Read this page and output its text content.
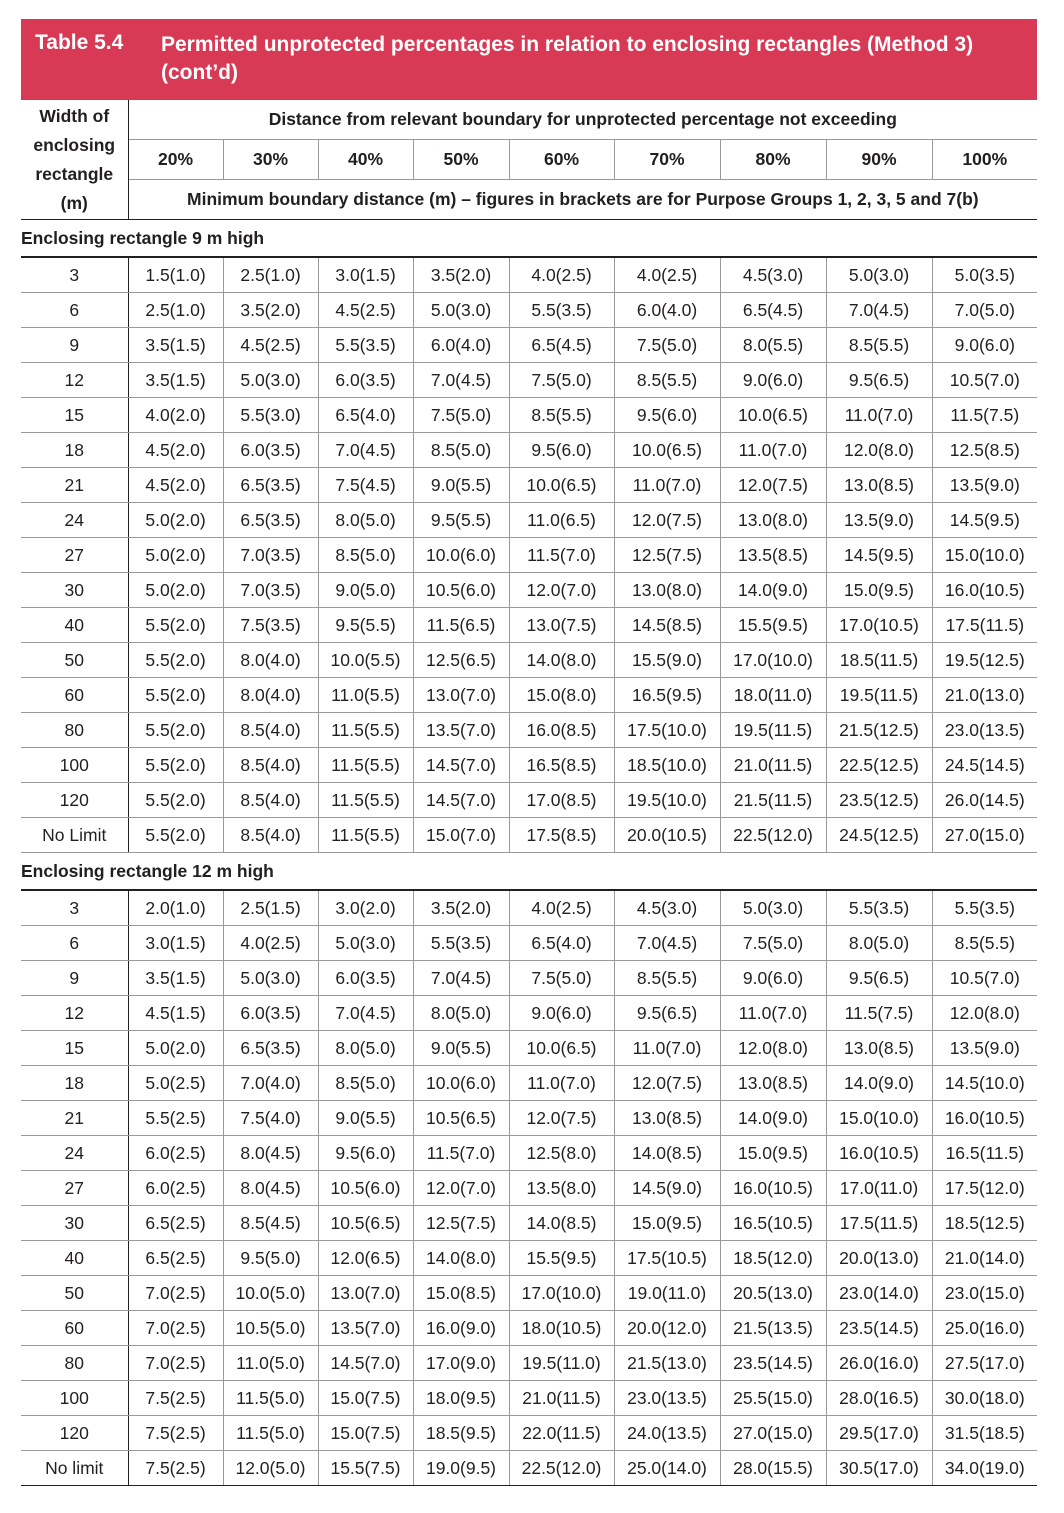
Table 5.4 Permitted unprotected percentages in relation to enclosing rectangles (Method 3) (cont’d)
Width of
enclosing
rectangle
(m)	Distance from relevant boundary for unprotected percentage not exceeding								
	20%	30%	40%	50%	60%	70%	80%	90%	100%
	Minimum boundary distance (m) – figures in brackets are for Purpose Groups 1, 2, 3, 5 and 7(b)								
Enclosing rectangle 9 m high									
3	1.5(1.0)	2.5(1.0)	3.0(1.5)	3.5(2.0)	4.0(2.5)	4.0(2.5)	4.5(3.0)	5.0(3.0)	5.0(3.5)
6	2.5(1.0)	3.5(2.0)	4.5(2.5)	5.0(3.0)	5.5(3.5)	6.0(4.0)	6.5(4.5)	7.0(4.5)	7.0(5.0)
9	3.5(1.5)	4.5(2.5)	5.5(3.5)	6.0(4.0)	6.5(4.5)	7.5(5.0)	8.0(5.5)	8.5(5.5)	9.0(6.0)
12	3.5(1.5)	5.0(3.0)	6.0(3.5)	7.0(4.5)	7.5(5.0)	8.5(5.5)	9.0(6.0)	9.5(6.5)	10.5(7.0)
15	4.0(2.0)	5.5(3.0)	6.5(4.0)	7.5(5.0)	8.5(5.5)	9.5(6.0)	10.0(6.5)	11.0(7.0)	11.5(7.5)
18	4.5(2.0)	6.0(3.5)	7.0(4.5)	8.5(5.0)	9.5(6.0)	10.0(6.5)	11.0(7.0)	12.0(8.0)	12.5(8.5)
21	4.5(2.0)	6.5(3.5)	7.5(4.5)	9.0(5.5)	10.0(6.5)	11.0(7.0)	12.0(7.5)	13.0(8.5)	13.5(9.0)
24	5.0(2.0)	6.5(3.5)	8.0(5.0)	9.5(5.5)	11.0(6.5)	12.0(7.5)	13.0(8.0)	13.5(9.0)	14.5(9.5)
27	5.0(2.0)	7.0(3.5)	8.5(5.0)	10.0(6.0)	11.5(7.0)	12.5(7.5)	13.5(8.5)	14.5(9.5)	15.0(10.0)
30	5.0(2.0)	7.0(3.5)	9.0(5.0)	10.5(6.0)	12.0(7.0)	13.0(8.0)	14.0(9.0)	15.0(9.5)	16.0(10.5)
40	5.5(2.0)	7.5(3.5)	9.5(5.5)	11.5(6.5)	13.0(7.5)	14.5(8.5)	15.5(9.5)	17.0(10.5)	17.5(11.5)
50	5.5(2.0)	8.0(4.0)	10.0(5.5)	12.5(6.5)	14.0(8.0)	15.5(9.0)	17.0(10.0)	18.5(11.5)	19.5(12.5)
60	5.5(2.0)	8.0(4.0)	11.0(5.5)	13.0(7.0)	15.0(8.0)	16.5(9.5)	18.0(11.0)	19.5(11.5)	21.0(13.0)
80	5.5(2.0)	8.5(4.0)	11.5(5.5)	13.5(7.0)	16.0(8.5)	17.5(10.0)	19.5(11.5)	21.5(12.5)	23.0(13.5)
100	5.5(2.0)	8.5(4.0)	11.5(5.5)	14.5(7.0)	16.5(8.5)	18.5(10.0)	21.0(11.5)	22.5(12.5)	24.5(14.5)
120	5.5(2.0)	8.5(4.0)	11.5(5.5)	14.5(7.0)	17.0(8.5)	19.5(10.0)	21.5(11.5)	23.5(12.5)	26.0(14.5)
No Limit	5.5(2.0)	8.5(4.0)	11.5(5.5)	15.0(7.0)	17.5(8.5)	20.0(10.5)	22.5(12.0)	24.5(12.5)	27.0(15.0)
Enclosing rectangle 12 m high									
3	2.0(1.0)	2.5(1.5)	3.0(2.0)	3.5(2.0)	4.0(2.5)	4.5(3.0)	5.0(3.0)	5.5(3.5)	5.5(3.5)
6	3.0(1.5)	4.0(2.5)	5.0(3.0)	5.5(3.5)	6.5(4.0)	7.0(4.5)	7.5(5.0)	8.0(5.0)	8.5(5.5)
9	3.5(1.5)	5.0(3.0)	6.0(3.5)	7.0(4.5)	7.5(5.0)	8.5(5.5)	9.0(6.0)	9.5(6.5)	10.5(7.0)
12	4.5(1.5)	6.0(3.5)	7.0(4.5)	8.0(5.0)	9.0(6.0)	9.5(6.5)	11.0(7.0)	11.5(7.5)	12.0(8.0)
15	5.0(2.0)	6.5(3.5)	8.0(5.0)	9.0(5.5)	10.0(6.5)	11.0(7.0)	12.0(8.0)	13.0(8.5)	13.5(9.0)
18	5.0(2.5)	7.0(4.0)	8.5(5.0)	10.0(6.0)	11.0(7.0)	12.0(7.5)	13.0(8.5)	14.0(9.0)	14.5(10.0)
21	5.5(2.5)	7.5(4.0)	9.0(5.5)	10.5(6.5)	12.0(7.5)	13.0(8.5)	14.0(9.0)	15.0(10.0)	16.0(10.5)
24	6.0(2.5)	8.0(4.5)	9.5(6.0)	11.5(7.0)	12.5(8.0)	14.0(8.5)	15.0(9.5)	16.0(10.5)	16.5(11.5)
27	6.0(2.5)	8.0(4.5)	10.5(6.0)	12.0(7.0)	13.5(8.0)	14.5(9.0)	16.0(10.5)	17.0(11.0)	17.5(12.0)
30	6.5(2.5)	8.5(4.5)	10.5(6.5)	12.5(7.5)	14.0(8.5)	15.0(9.5)	16.5(10.5)	17.5(11.5)	18.5(12.5)
40	6.5(2.5)	9.5(5.0)	12.0(6.5)	14.0(8.0)	15.5(9.5)	17.5(10.5)	18.5(12.0)	20.0(13.0)	21.0(14.0)
50	7.0(2.5)	10.0(5.0)	13.0(7.0)	15.0(8.5)	17.0(10.0)	19.0(11.0)	20.5(13.0)	23.0(14.0)	23.0(15.0)
60	7.0(2.5)	10.5(5.0)	13.5(7.0)	16.0(9.0)	18.0(10.5)	20.0(12.0)	21.5(13.5)	23.5(14.5)	25.0(16.0)
80	7.0(2.5)	11.0(5.0)	14.5(7.0)	17.0(9.0)	19.5(11.0)	21.5(13.0)	23.5(14.5)	26.0(16.0)	27.5(17.0)
100	7.5(2.5)	11.5(5.0)	15.0(7.5)	18.0(9.5)	21.0(11.5)	23.0(13.5)	25.5(15.0)	28.0(16.5)	30.0(18.0)
120	7.5(2.5)	11.5(5.0)	15.0(7.5)	18.5(9.5)	22.0(11.5)	24.0(13.5)	27.0(15.0)	29.5(17.0)	31.5(18.5)
No limit	7.5(2.5)	12.0(5.0)	15.5(7.5)	19.0(9.5)	22.5(12.0)	25.0(14.0)	28.0(15.5)	30.5(17.0)	34.0(19.0)
